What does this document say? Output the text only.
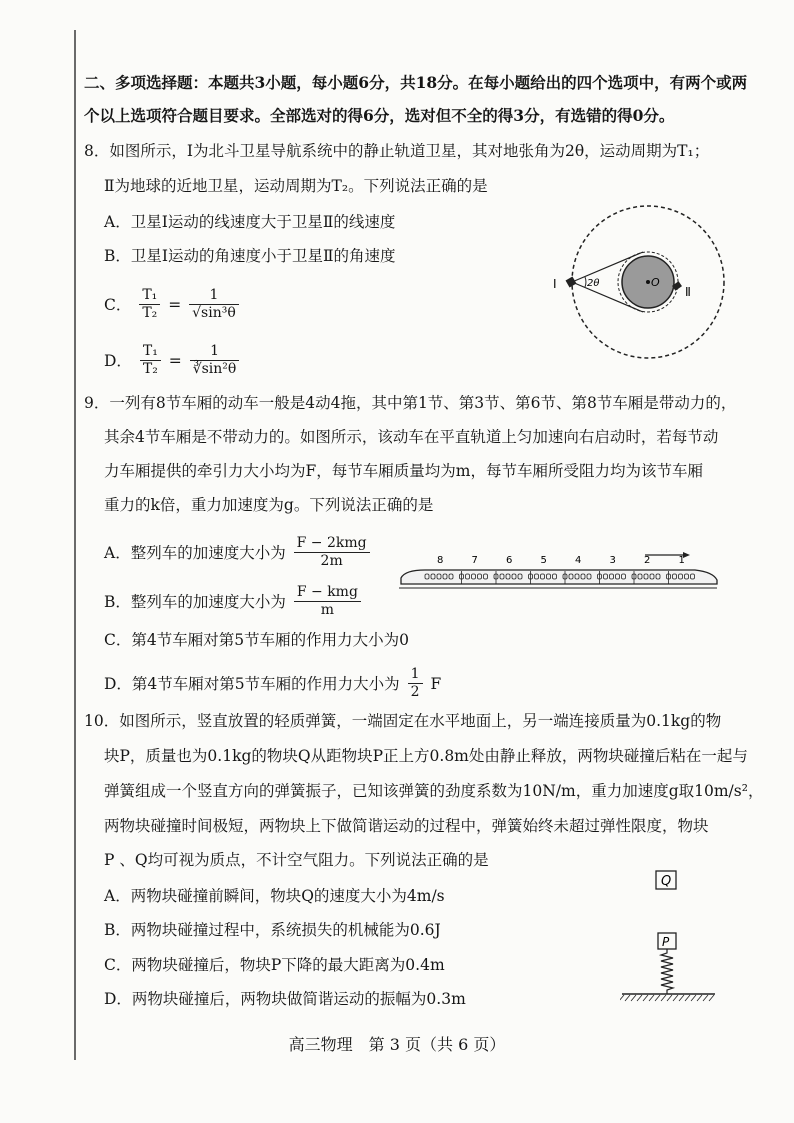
二、多项选择题：本题共3小题，每小题6分，共18分。在每小题给出的四个选项中，有两个或两
个以上选项符合题目要求。全部选对的得6分，选对但不全的得3分，有选错的得0分。
8．如图所示，Ⅰ为北斗卫星导航系统中的静止轨道卫星，其对地张角为2θ，运动周期为T₁；
Ⅱ为地球的近地卫星，运动周期为T₂。下列说法正确的是
A．卫星Ⅰ运动的线速度大于卫星Ⅱ的线速度
B．卫星Ⅰ运动的角速度小于卫星Ⅱ的角速度
C． $\frac{\text{T₁}}{\text{T₂}} = \frac{1}{\text{√sin³θ}}$
D． $\frac{\text{T₁}}{\text{T₂}} = \frac{1}{\text{∛sin²θ}}$
Ⅰ
Ⅱ
2θ	O
9．一列有8节车厢的动车一般是4动4拖，其中第1节、第3节、第6节、第8节车厢是带动力的，
其余4节车厢是不带动力的。如图所示，该动车在平直轨道上匀加速向右启动时，若每节动
力车厢提供的牵引力大小均为F，每节车厢质量均为m，每节车厢所受阻力均为该节车厢
重力的k倍，重力加速度为g。下列说法正确的是
A．整列车的加速度大小为 $\frac{\text{F − 2kmg}}{2m}$
B．整列车的加速度大小为 $\frac{\text{F − kmg}}{m}$
C．第4节车厢对第5节车厢的作用力大小为0
D．第4节车厢对第5节车厢的作用力大小为 $\frac{1}{2}$ F
8	7	6	5	4	3	2	1
10．如图所示，竖直放置的轻质弹簧，一端固定在水平地面上，另一端连接质量为0.1kg的物
块P，质量也为0.1kg的物块Q从距物块P正上方0.8m处由静止释放，两物块碰撞后粘在一起与
弹簧组成一个竖直方向的弹簧振子，已知该弹簧的劲度系数为10N/m，重力加速度g取10m/s²，
两物块碰撞时间极短，两物块上下做简谐运动的过程中，弹簧始终未超过弹性限度，物块
P 、Q均可视为质点，不计空气阻力。下列说法正确的是
A．两物块碰撞前瞬间，物块Q的速度大小为4m/s
B．两物块碰撞过程中，系统损失的机械能为0.6J
C．两物块碰撞后，物块P下降的最大距离为0.4m
D．两物块碰撞后，两物块做简谐运动的振幅为0.3m
Q
P
高三物理　第 3 页（共 6 页）
